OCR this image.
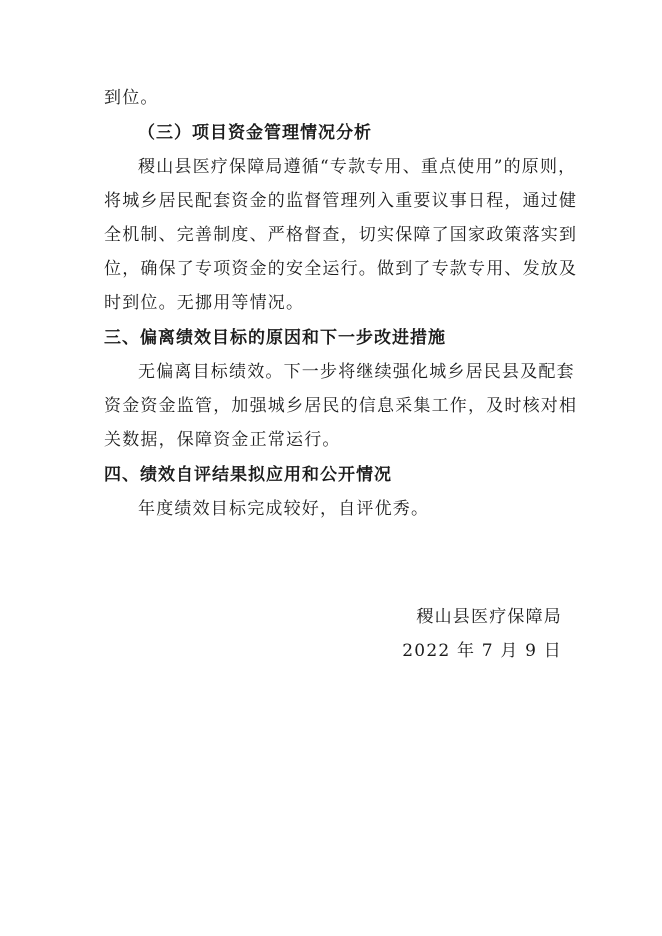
到位。
（三）项目资金管理情况分析
稷山县医疗保障局遵循“专款专用、重点使用”的原则，
将城乡居民配套资金的监督管理列入重要议事日程，通过健
全机制、完善制度、严格督查，切实保障了国家政策落实到
位，确保了专项资金的安全运行。做到了专款专用、发放及
时到位。无挪用等情况。
三、偏离绩效目标的原因和下一步改进措施
无偏离目标绩效。下一步将继续强化城乡居民县及配套
资金资金监管，加强城乡居民的信息采集工作，及时核对相
关数据，保障资金正常运行。
四、绩效自评结果拟应用和公开情况
年度绩效目标完成较好，自评优秀。
稷山县医疗保障局
2022 年 7 月 9 日
